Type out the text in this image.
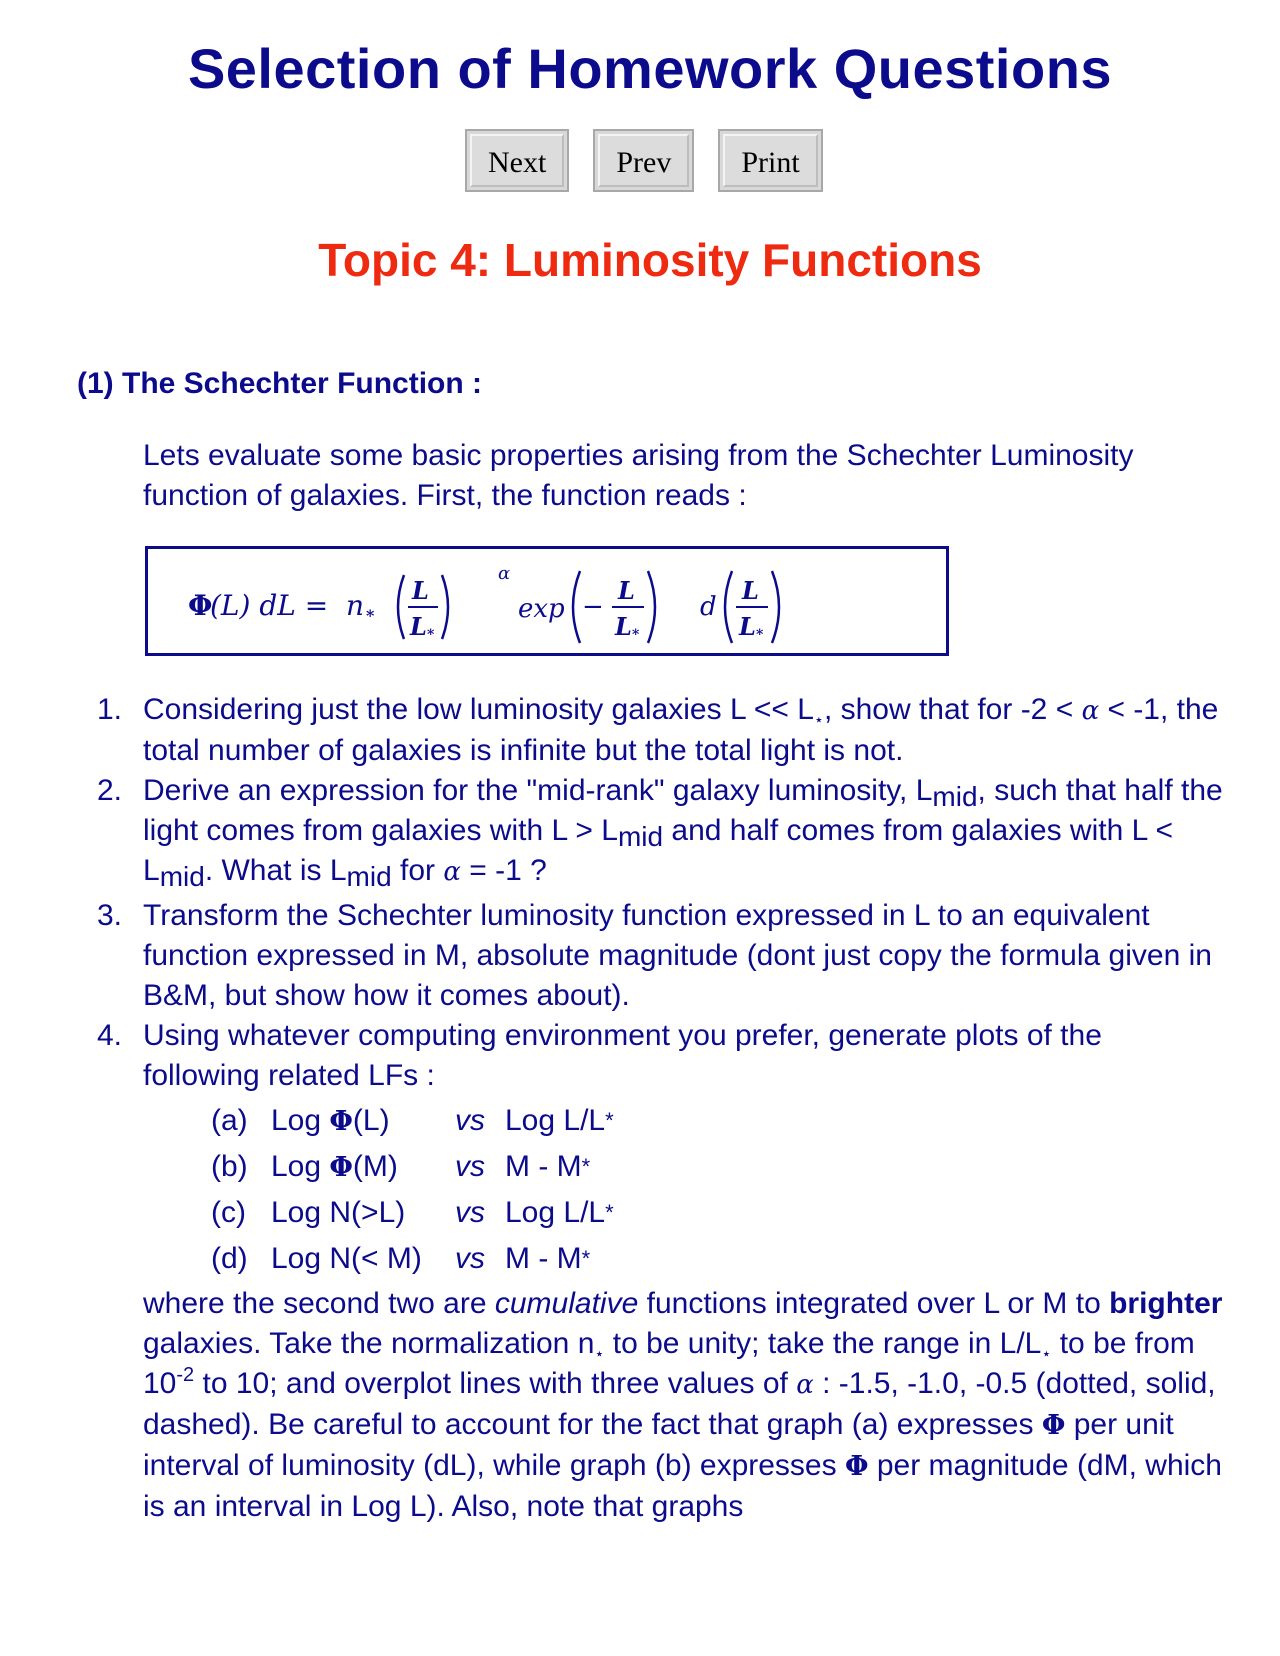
Selection of Homework Questions
Next	Prev	Print
Topic 4: Luminosity Functions
(1) The Schechter Function :
Lets evaluate some basic properties arising from the Schechter Luminosity function of galaxies. First, the function reads :
Φ
(L) dL = n *
L
L *
α
exp −
L
L *
d
L
L *
1. Considering just the low luminosity galaxies $L << L_⋆$, show that for -2 < α < -1, the total number of galaxies is infinite but the total light is not.
2. Derive an expression for the "mid-rank" galaxy luminosity, $L_{mid}$, such that half the light comes from galaxies with $L > L_{mid}$ and half comes from galaxies with $L < L_{mid}$. What is $L_{mid}$ for α = -1 ?
3. Transform the Schechter luminosity function expressed in L to an equivalent function expressed in M, absolute magnitude (dont just copy the formula given in B&M, but show how it comes about).
4. Using whatever computing environment you prefer, generate plots of the following related LFs :
(a) Log Φ(L)	vs Log L/L*
(b) Log Φ(M)	vs M - M*
(c) Log N(>L)	vs Log L/L*
(d) Log N(< M)	vs M - M*
where the second two are cumulative functions integrated over L or M to brighter galaxies. Take the normalization $n_⋆$ to be unity; take the range in $L/L_⋆$ to be from $10^{-2}$ to 10; and overplot lines with three values of α : -1.5, -1.0, -0.5 (dotted, solid, dashed). Be careful to account for the fact that graph (a) expresses Φ per unit interval of luminosity (dL), while graph (b) expresses Φ per magnitude (dM, which is an interval in Log L). Also, note that graphs
